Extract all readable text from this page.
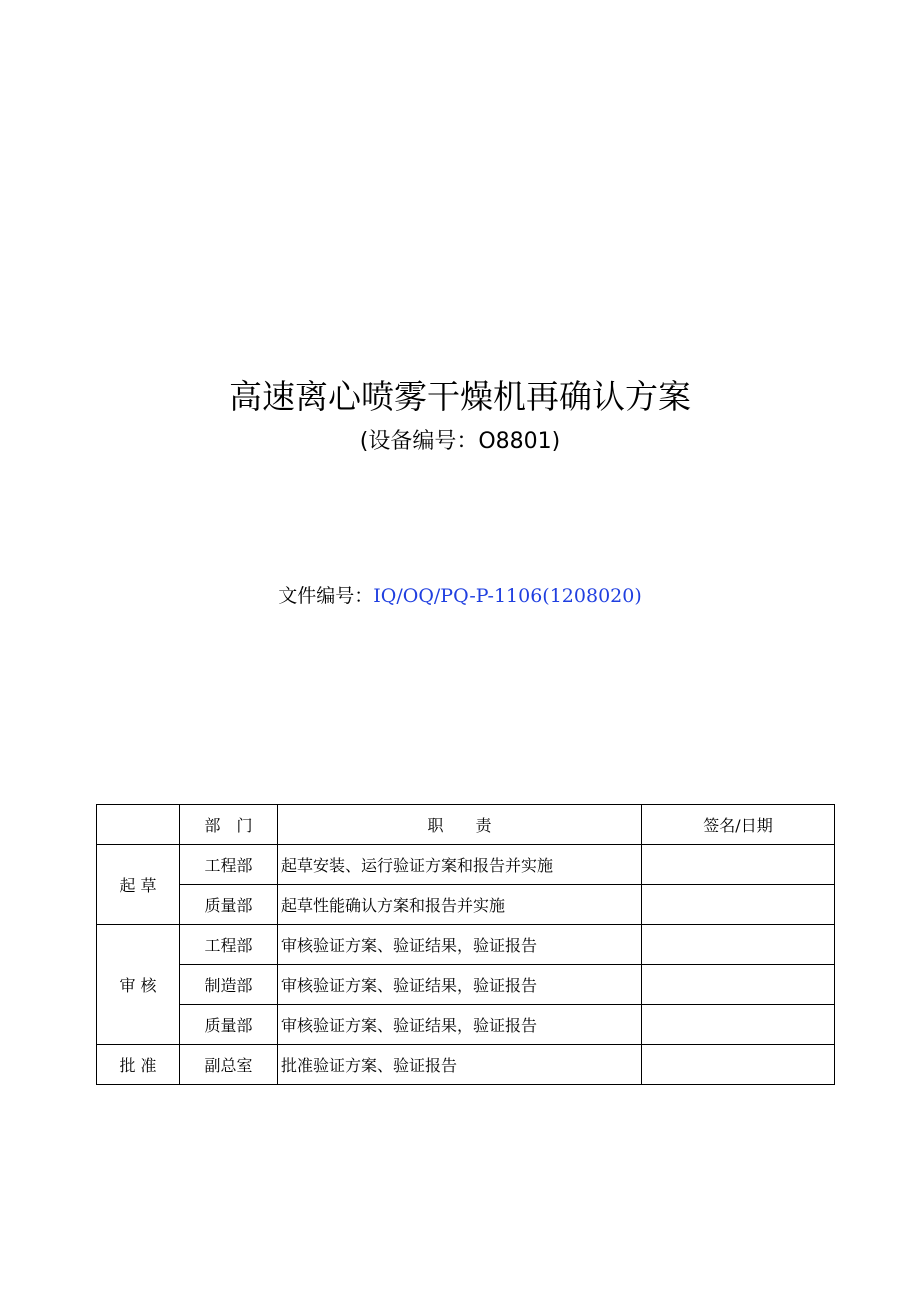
高速离心喷雾干燥机再确认方案
(设备编号：O8801)
文件编号：IQ/OQ/PQ-P-1106(1208020)
	部　门	职　　责	签名/日期
起 草	工程部	起草安装、运行验证方案和报告并实施	
	质量部	起草性能确认方案和报告并实施	
审 核	工程部	审核验证方案、验证结果，验证报告	
	制造部	审核验证方案、验证结果，验证报告	
	质量部	审核验证方案、验证结果，验证报告	
批 准	副总室	批准验证方案、验证报告	
